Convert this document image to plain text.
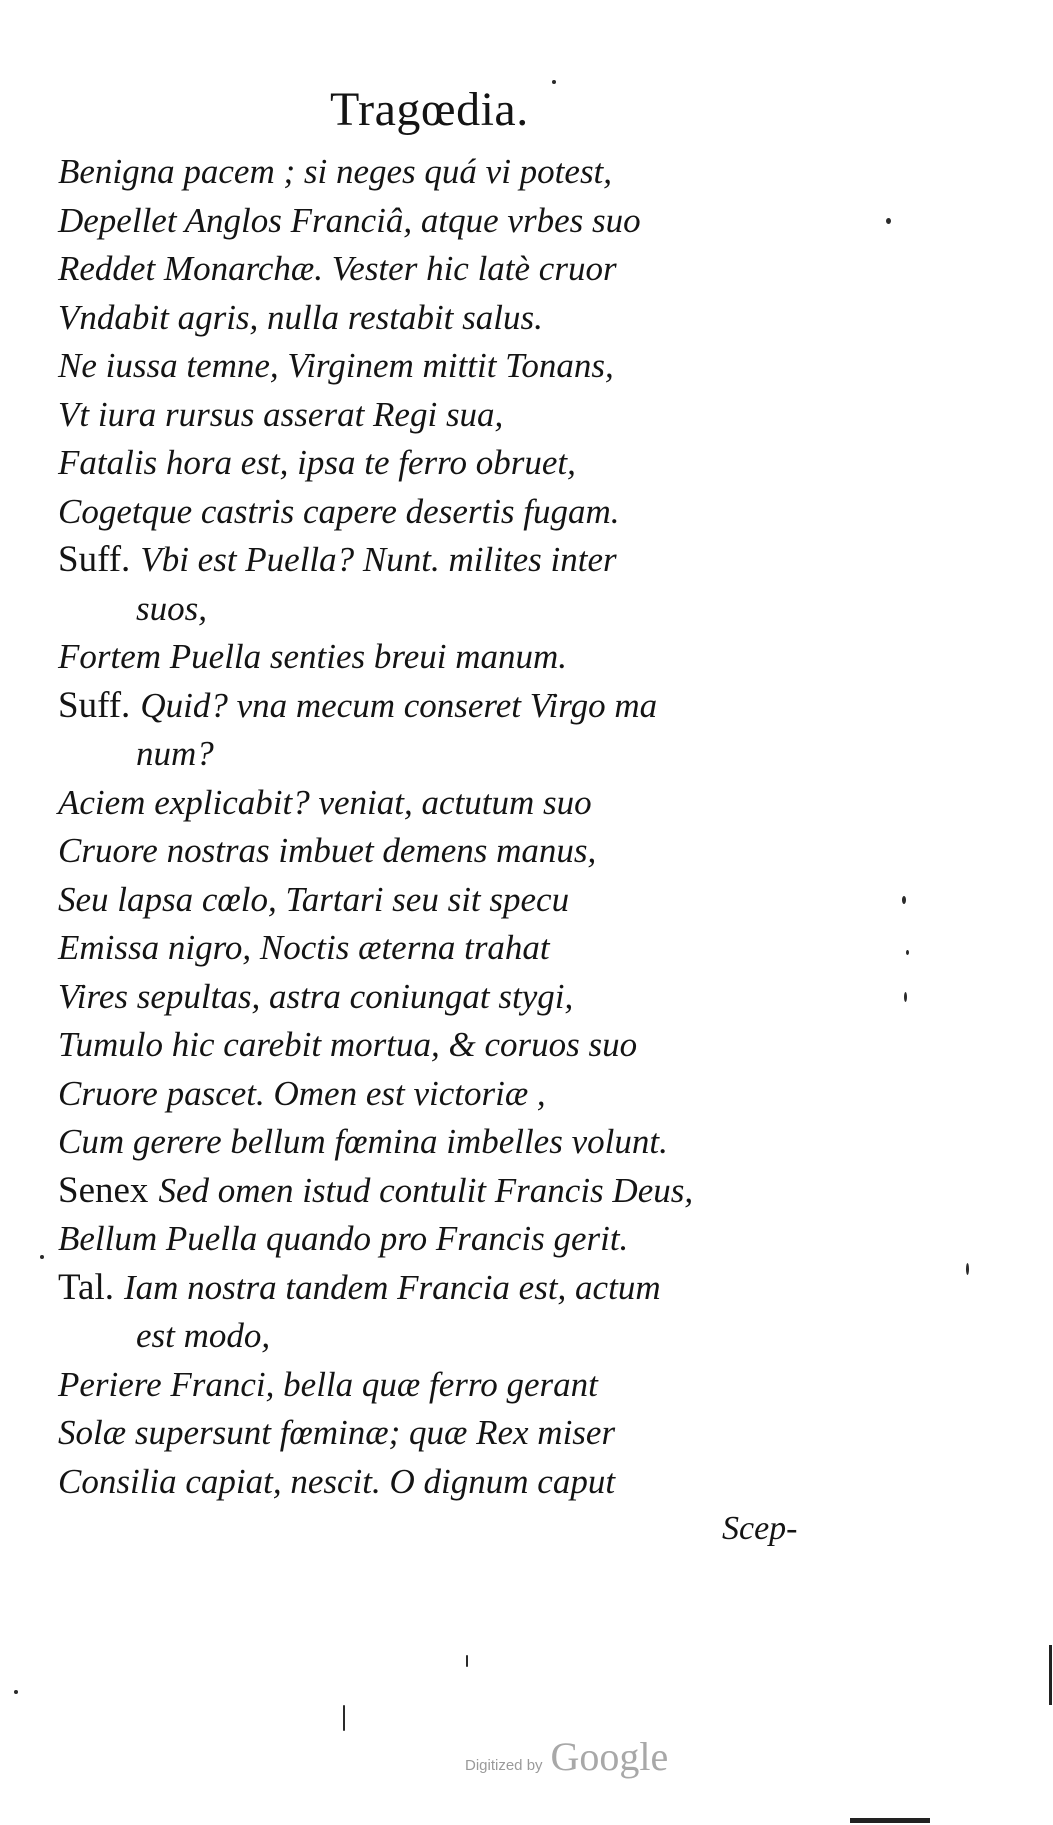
Tragœdia.
Benigna pacem ; si neges quá vi potest,
Depellet Anglos Franciâ, atque vrbes suo
Reddet Monarchæ. Vester hic latè cruor
Vndabit agris, nulla restabit salus.
Ne iussa temne, Virginem mittit Tonans,
Vt iura rursus asserat Regi sua,
Fatalis hora est, ipsa te ferro obruet,
Cogetque castris capere desertis fugam.
Suff. Vbi est Puella? Nunt. milites inter
suos,
Fortem Puella senties breui manum.
Suff. Quid? vna mecum conseret Virgo ma
num?
Aciem explicabit? veniat, actutum suo
Cruore nostras imbuet demens manus,
Seu lapsa cœlo, Tartari seu sit specu
Emissa nigro, Noctis æterna trahat
Vires sepultas, astra coniungat stygi,
Tumulo hic carebit mortua, & coruos suo
Cruore pascet. Omen est victoriæ ,
Cum gerere bellum fœmina imbelles volunt.
Senex Sed omen istud contulit Francis Deus,
Bellum Puella quando pro Francis gerit.
Tal. Iam nostra tandem Francia est, actum
est modo,
Periere Franci, bella quæ ferro gerant
Solæ supersunt fœminæ; quæ Rex miser
Consilia capiat, nescit. O dignum caput
Scep-
Digitized by Google
